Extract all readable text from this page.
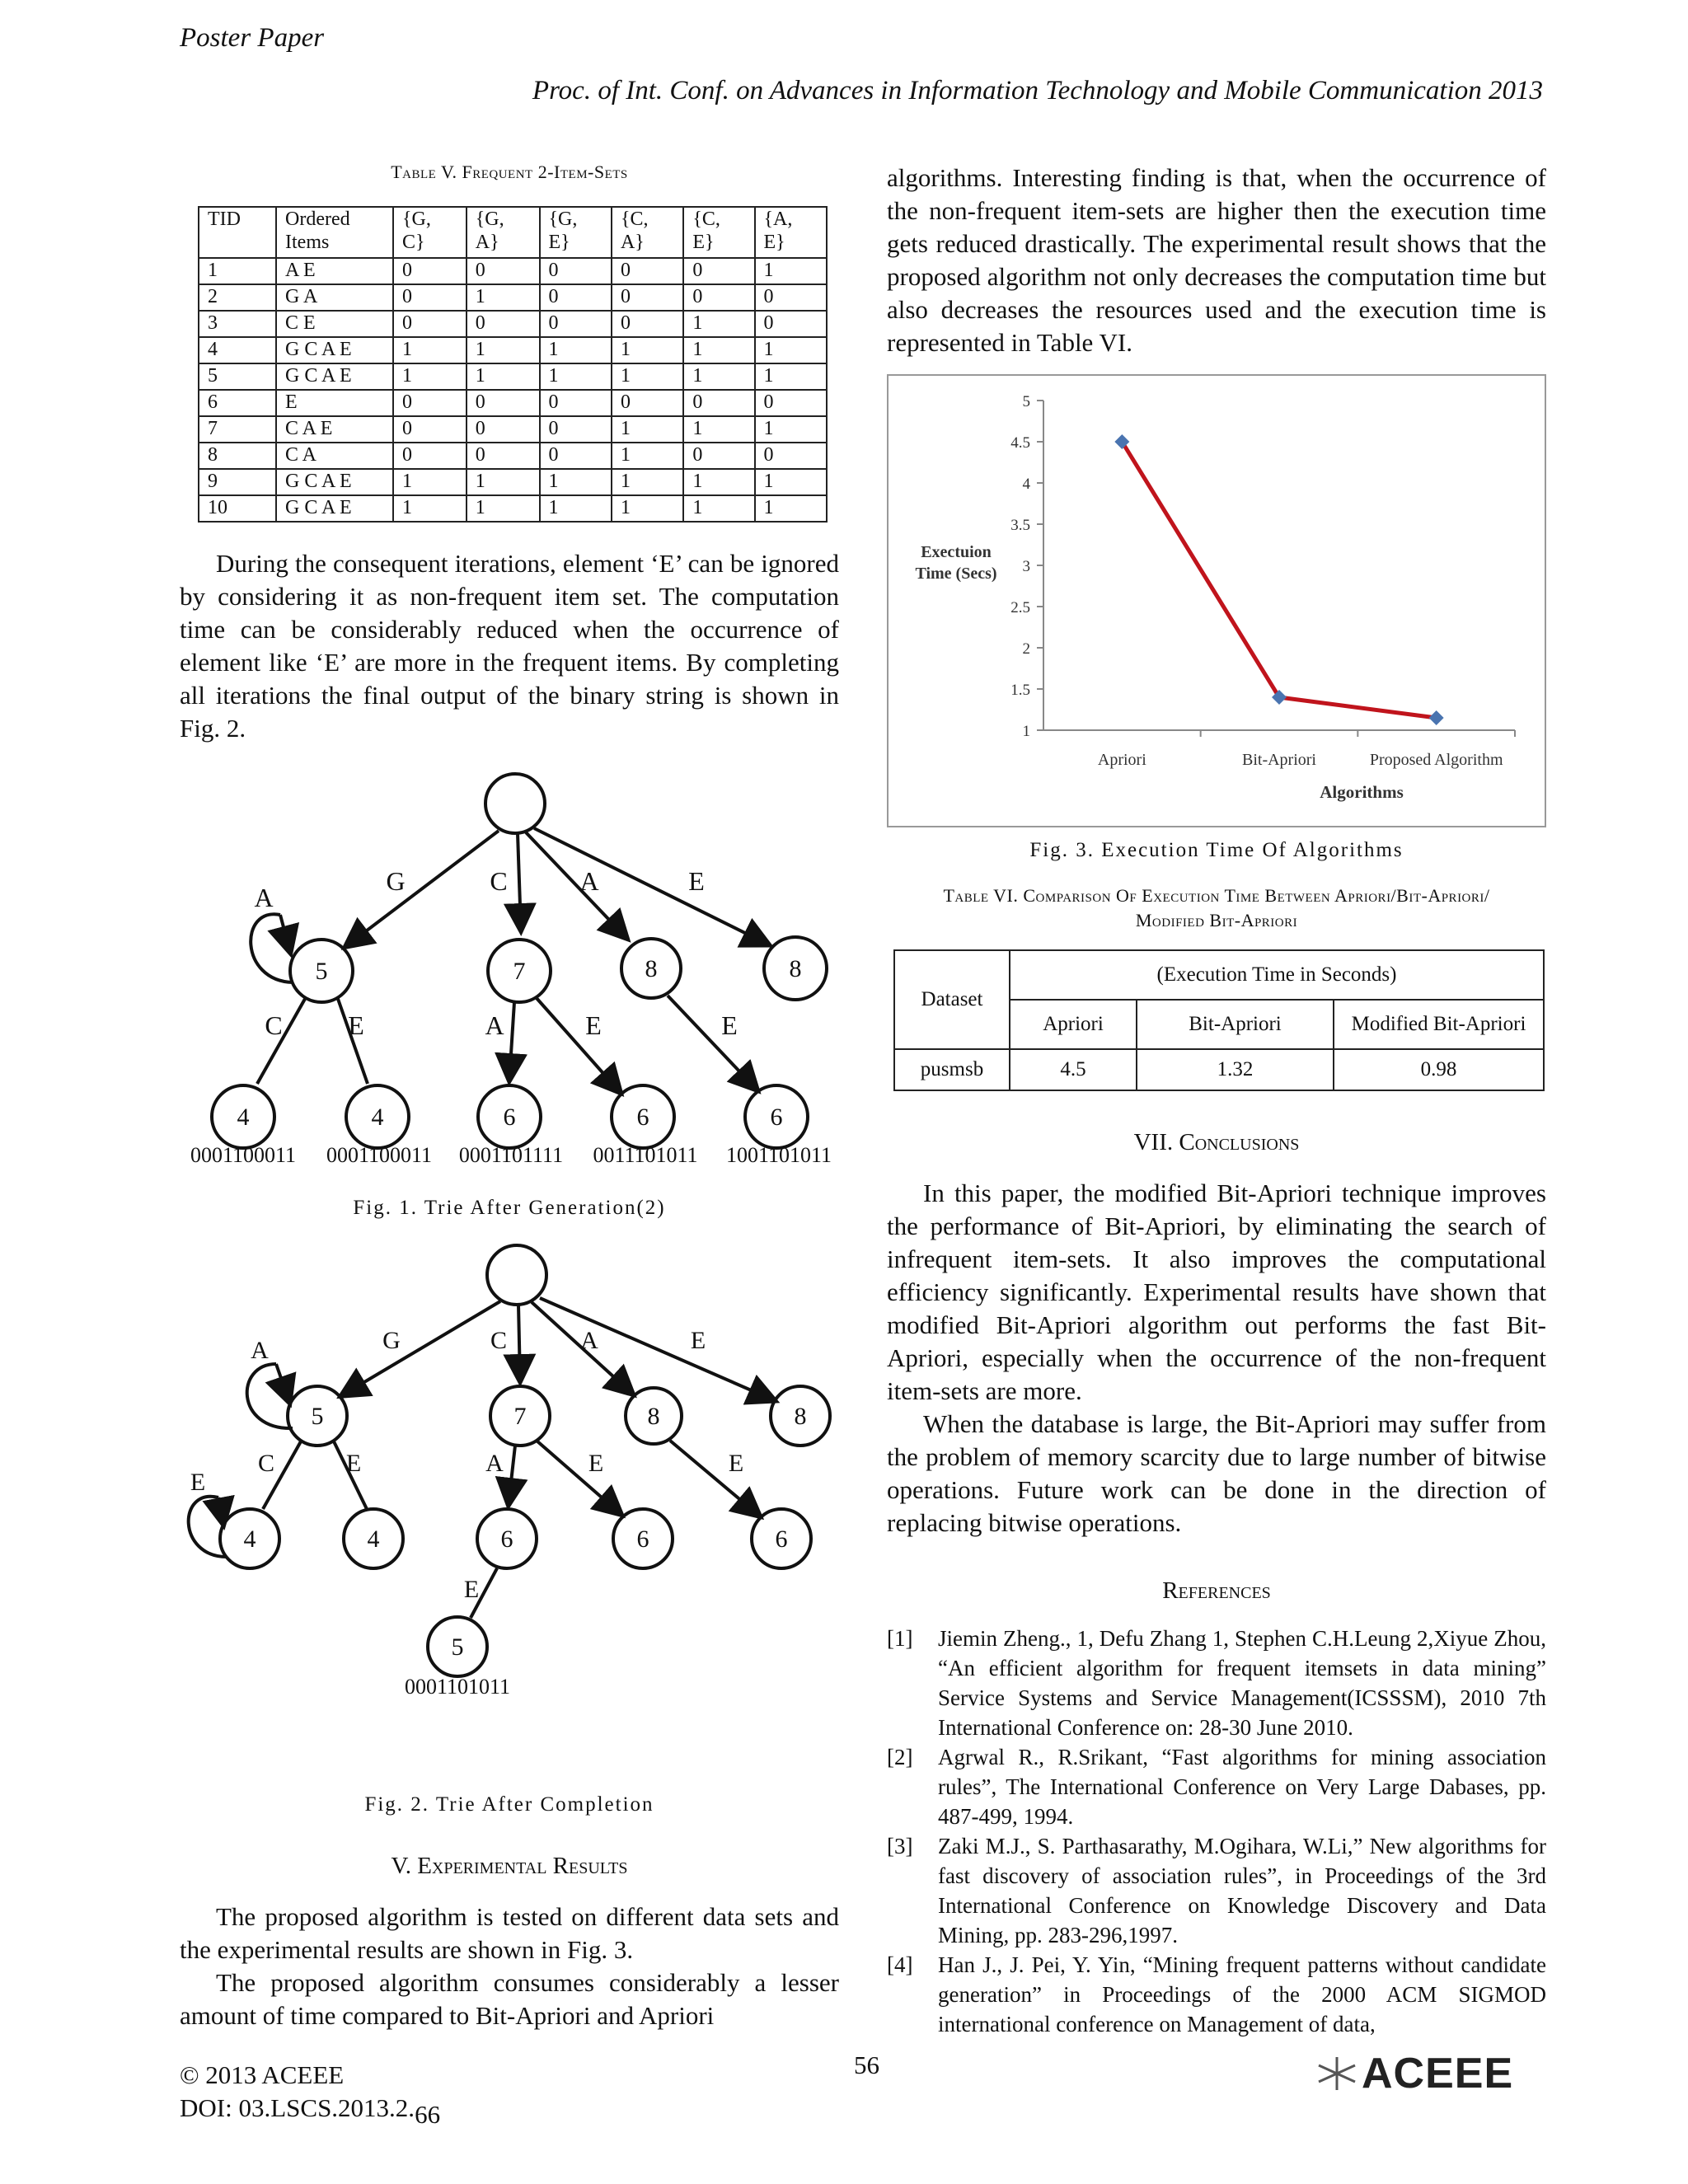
Poster Paper
Proc. of Int. Conf. on Advances in Information Technology and Mobile Communication 2013
Table V. Frequent 2-Item-Sets
TID	Ordered Items	{G, C}	{G, A}	{G, E}	{C, A}	{C, E}	{A, E}
1	A E	0	0	0	0	0	1
2	G A	0	1	0	0	0	0
3	C E	0	0	0	0	1	0
4	G C A E	1	1	1	1	1	1
5	G C A E	1	1	1	1	1	1
6	E	0	0	0	0	0	0
7	C A E	0	0	0	1	1	1
8	C A	0	0	0	1	0	0
9	G C A E	1	1	1	1	1	1
10	G C A E	1	1	1	1	1	1

During the consequent iterations, element ‘E’ can be ignored by considering it as non-frequent item set. The computation time can be considerably reduced when the occurrence of element like ‘E’ are more in the frequent items. By completing all iterations the final output of the binary string is shown in Fig. 2.

5	7	8	8
4	4	6	6	6
A
G	C	A	E
C E	A	E	E
0001100011 0001100011 0001101111 0011101011 1001101011
Fig. 1. Trie After Generation(2)
5	7	8	8
4	4	6	6	6
5
A	G	C	A	E
C	E
E
A	E	E
E
0001101011
Fig. 2. Trie After Completion
V. Experimental Results

The proposed algorithm is tested on different data sets and the experimental results are shown in Fig. 3.

The proposed algorithm consumes considerably a lesser amount of time compared to Bit-Apriori and Apriori

algorithms. Interesting finding is that, when the occurrence of the non-frequent item-sets are higher then the execution time gets reduced drastically. The experimental result shows that the proposed algorithm not only decreases the computation time but also decreases the resources used and the execution time is represented in Table VI.

1
1.5
2
2.5
3
3.5
4
4.5
5
Apriori	Bit-Apriori	Proposed Algorithm
Exectuion
Time (Secs)
Algorithms
Fig. 3. Execution Time Of Algorithms
Table VI. Comparison Of Execution Time Between Apriori/Bit-Apriori/
Modified Bit-Apriori
Dataset	(Execution Time in Seconds)		
	Apriori	Bit-Apriori	Modified Bit-Apriori
pusmsb	4.5	1.32	0.98
VII. Conclusions

In this paper, the modified Bit-Apriori technique improves the performance of Bit-Apriori, by eliminating the search of infrequent item-sets. It also improves the computational efficiency significantly. Experimental results have shown that modified Bit-Apriori algorithm out performs the fast Bit-Apriori, especially when the occurrence of the non-frequent item-sets are more.

When the database is large, the Bit-Apriori may suffer from the problem of memory scarcity due to large number of bitwise operations. Future work can be done in the direction of replacing bitwise operations.

References
[1] Jiemin Zheng., 1, Defu Zhang 1, Stephen C.H.Leung 2,Xiyue Zhou, “An efficient algorithm for frequent itemsets in data mining” Service Systems and Service Management(ICSSSM), 2010 7th International Conference on: 28-30 June 2010.
[2] Agrwal R., R.Srikant, “Fast algorithms for mining association rules”, The International Conference on Very Large Dabases, pp. 487-499, 1994.
[3] Zaki M.J., S. Parthasarathy, M.Ogihara, W.Li,” New algorithms for fast discovery of association rules”, in Proceedings of the 3rd International Conference on Knowledge Discovery and Data Mining, pp. 283-296,1997.
[4] Han J., J. Pei, Y. Yin, “Mining frequent patterns without candidate generation” in Proceedings of the 2000 ACM SIGMOD international conference on Management of data,
© 2013 ACEEE
DOI: 03.LSCS.2013.2.66
56	ACEEE
